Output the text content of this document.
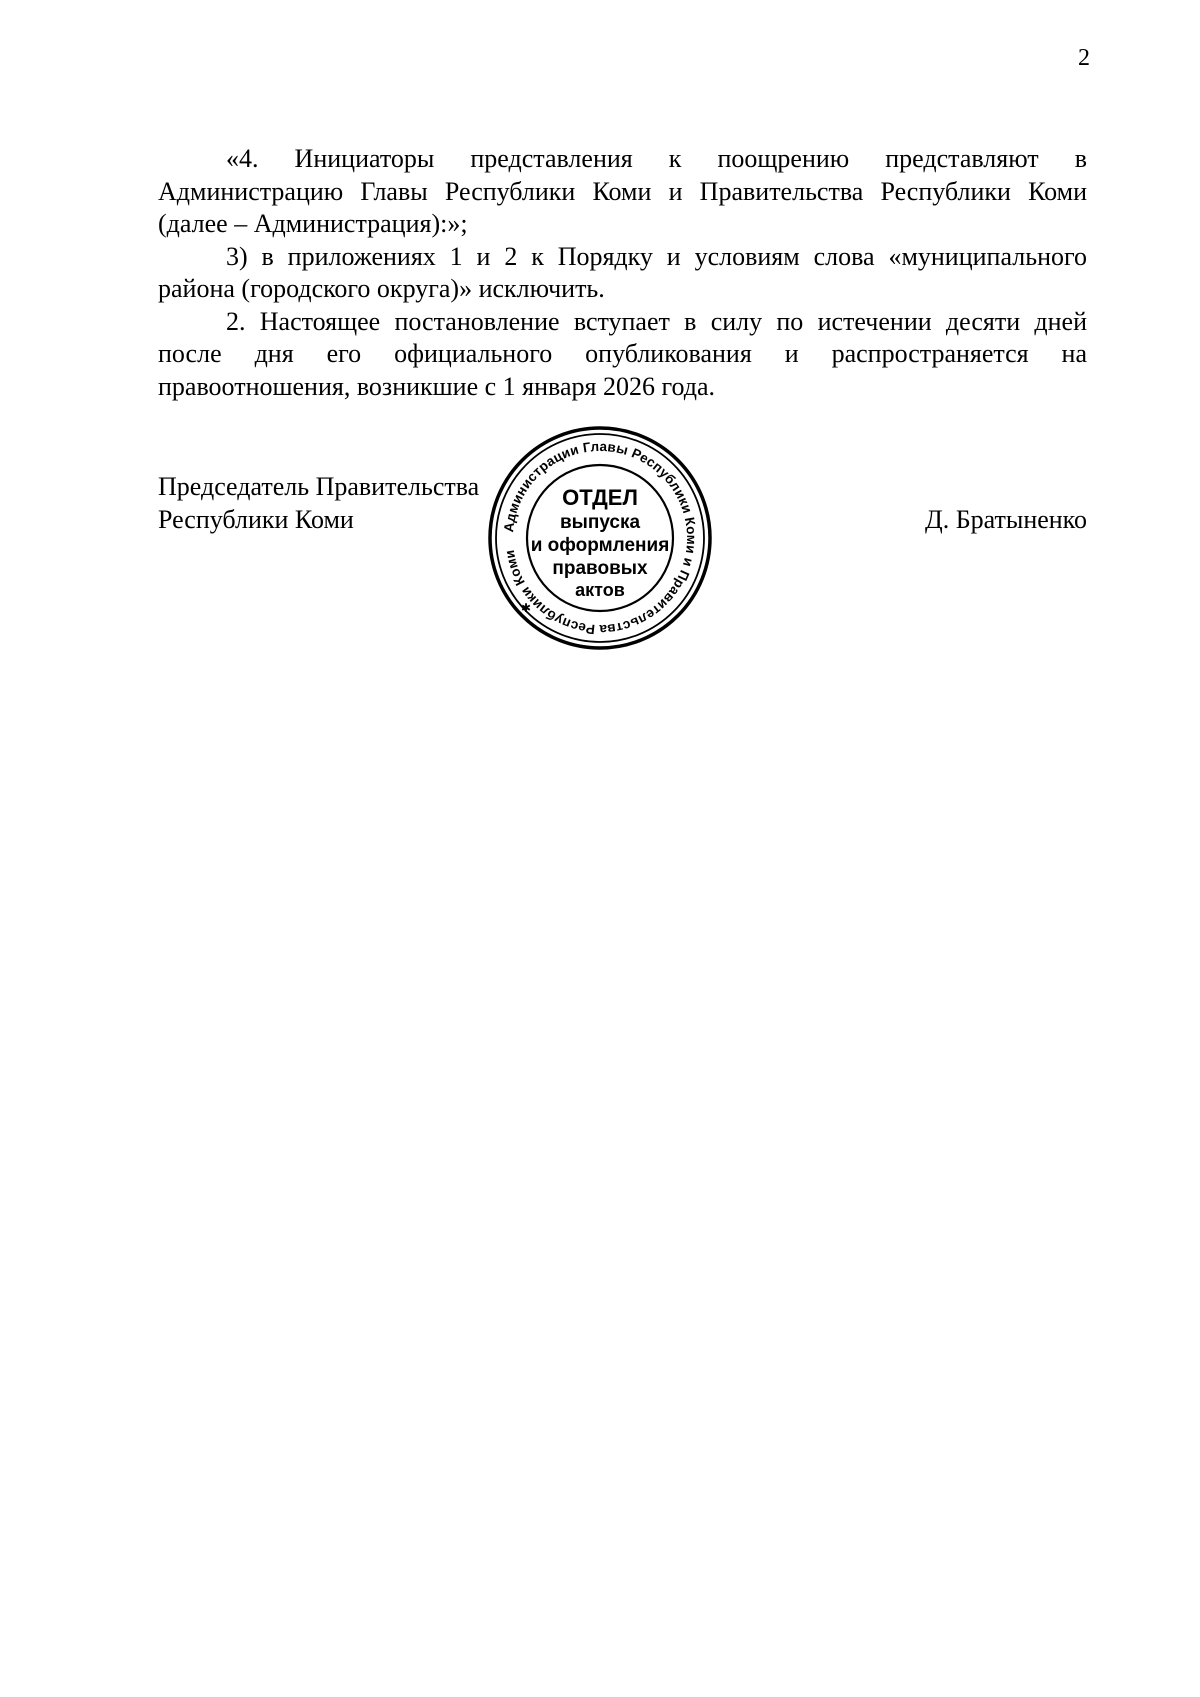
2

«4. Инициаторы представления к поощрению представляют в Администрацию Главы Республики Коми и Правительства Республики Коми (далее – Администрация):»;

3) в приложениях 1 и 2 к Порядку и условиям слова «муниципального района (городского округа)» исключить.

2. Настоящее постановление вступает в силу по истечении десяти дней после дня его официального опубликования и распространяется на правоотношения, возникшие с 1 января 2026 года.

Председатель Правительства
Республики Коми	Д. Братыненко
Администрации Главы Республики Коми и Правительства Республики Коми
✱
ОТДЕЛ
выпуска
и оформления
правовых
актов
